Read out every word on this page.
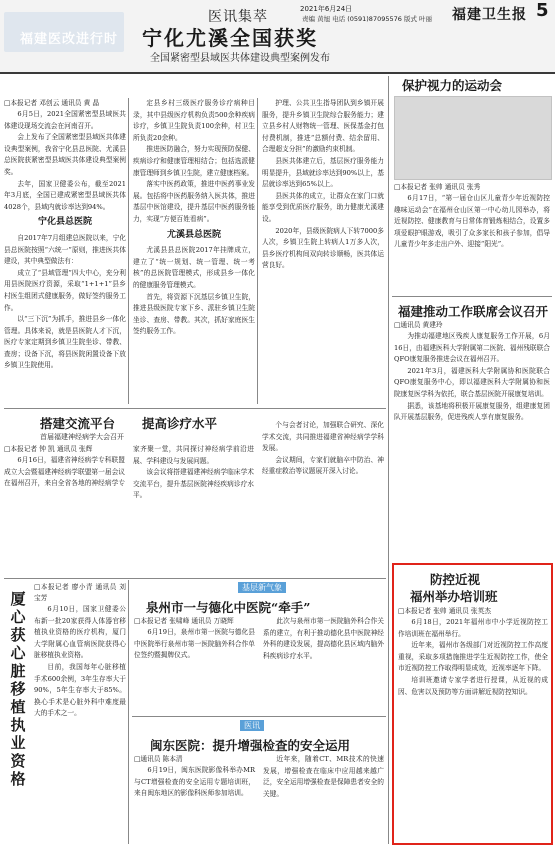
福建医改进行时
医讯集萃	2021年6月24日
责编 黄旭 电话 (0591)87095576 版式 叶丽 福建卫生报 5
宁化尤溪全国获奖
全国紧密型县域医共体建设典型案例发布
□本报记者 邓创云 通讯员 黄 晶

6月5日，2021全国紧密型县域医共体建设现场交流会在河南召开。

会上发布了全国紧密型县域医共体建设典型案例，我省宁化县总医院、尤溪县总医院获紧密型县域医共体建设典型案例奖。

去年，国家卫健委公布，截至2021年3月底，全国已建成紧密型县域医共体4028个，县域内就诊率达到94%。

宁化县总医院

自2017年7月组建总医院以来，宁化县总医院按照“六统一”原则，推进医共体建设，其中典型做法有：

成立了“县域管理”四大中心，充分利用县医院医疗资源，采取“1+1+1”县乡村医生组团式健康服务，做好签约服务工作。

以“三下沉”为抓手，推进县乡一体化管理。具体来说，就是县医院人才下沉，医疗专家定期到乡镇卫生院坐诊、带教、查房；设备下沉，将县医院闲置设备下放乡镇卫生院使用。

定县乡村三级医疗服务诊疗病种目录，其中县级医疗机构负责500余种疾病诊疗，乡镇卫生院负责100余种，村卫生所负责20余种。

推进医防融合，努力实现预防保健、疾病诊疗和健康管理相结合；包括选派健康管理师到乡镇卫生院，建立健康档案。

落实中医药政策，推进中医药事业发展。包括将中医药服务纳入医共体，推进基层中医馆建设，提升基层中医药服务能力，实现“方便百姓看病”。

尤溪县总医院

尤溪县县总医院2017年挂牌成立，建立了“统一规划、统一管理、统一考核”的总医院管理模式，形成县乡一体化的健康服务管理模式。

首先，将资源下沉基层乡镇卫生院，推进县级医院专家下乡、派驻乡镇卫生院坐诊、查房、带教。其次，抓好家庭医生签约服务工作。

护理、公共卫生指导团队到乡镇开展服务，提升乡镇卫生院综合服务能力；建立县乡村人财物统一管理、医保基金打包付费机制，推进“总额付费、结余留用、合理超支分担”的激励约束机制。

县医共体建立后，基层医疗服务能力明显提升，县域就诊率达到90%以上，基层就诊率达到65%以上。

县医共体的成立，让群众在家门口就能享受到优质医疗服务，助力健康尤溪建设。

2020年，县级医院病人下转7000多人次，乡镇卫生院上转病人1万多人次，县乡医疗机构间双向转诊顺畅，医共体运营良好。

保护视力的运动会
□本报记者 张帅 通讯员 张秀

6月17日，“第一届仓山区儿童青少年近视防控趣味运动会”在福州仓山区第一中心幼儿园举办，将近视防控、健康教育与日常体育锻炼相结合，设置多项爱眼护眼游戏，吸引了众多家长和孩子参加，倡导儿童青少年多走出户外、迎接“阳光”。

福建推动工作联席会议召开
□通讯员 黄建玲

为推动福建地区残疾人康复服务工作开展，6月16日，由福建医科大学附属第二医院、福州残联联合QFO康复服务推进会议在福州召开。

2021年3月，福建医科大学附属协和医院联合QFO康复服务中心，即以福建医科大学附属协和医院康复医学科为依托，联合基层医院开展康复培训。

据悉，该基地将积极开展康复服务，组建康复团队开展基层服务，促进残疾人享有康复服务。

防控近视
福州举办培训班
□本报记者 张帅 通讯员 张英杰

6月18日，2021年福州市中小学近视防控工作培训班在福州举行。

近年来，福州市各级部门对近视防控工作高度重视，采取多项措施推进学生近视防控工作，使全市近视防控工作取得明显成效，近视率逐年下降。

培训班邀请专家学者进行授课，从近视的成因、危害以及预防等方面讲解近视防控知识。

搭建交流平台 提高诊疗水平
首届福建神经病学大会召开
□本报记者 钟 凯 通讯员 张辉

6月16日，福建省神经病学专科联盟成立大会暨福建神经病学联盟第一届会议在福州召开，来自全省各地的神经病学专家齐聚一堂，共同探讨神经病学前沿进展、学科建设与发展问题。

该会议将搭建福建神经病学临床学术交流平台，提升基层医院神经疾病诊疗水平。

个与会者讨论，加强联合研究、深化学术交流，共同推进福建省神经病学学科发展。

会议期间，专家们就脑卒中防治、神经重症救治等议题展开深入讨论。

厦心获心脏移植执业资格
□本报记者 廖小青 通讯员 刘宝芳

6月10日，国家卫健委公布新一批20家获得人体器官移植执业资格的医疗机构，厦门大学附属心血管病医院获得心脏移植执业资格。

目前，我国每年心脏移植手术600余例，3年生存率大于90%，5年生存率大于85%。换心手术是心脏外科中难度最大的手术之一。

基层新气象
泉州市一与德化中医院“牵手”
□本报记者 张啸峰 通讯员 万晓辉

6月19日，泉州市第一医院与德化县中医院举行泉州市第一医院脑外科合作单位签约暨揭牌仪式。

此次与泉州市第一医院脑外科合作关系的建立，有利于推动德化县中医院神经外科的建设发展，提高德化县区域内脑外科疾病诊疗水平。

医讯
闽东医院：提升增强检查的安全运用
□通讯员 陈本清

6月19日，闽东医院影像科举办MR与CT增强检查的安全运用专题培训班，来自闽东地区的影像科医师参加培训。

近年来，随着CT、MR技术的快速发展，增强检查在临床中应用越来越广泛，安全运用增强检查是保障患者安全的关键。
